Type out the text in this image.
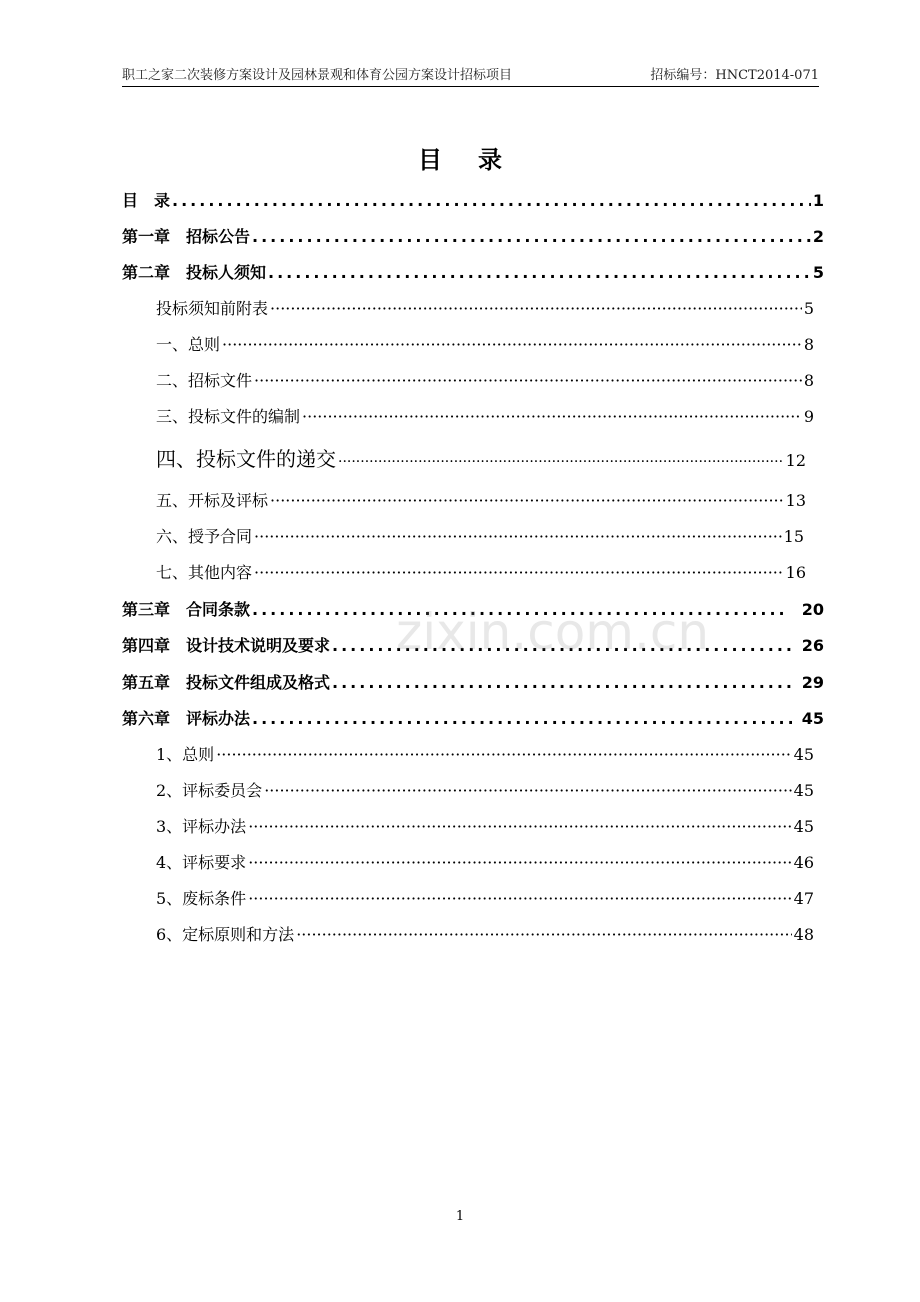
职工之家二次装修方案设计及园林景观和体育公园方案设计招标项目	招标编号：HNCT2014-071
目录
目　录 .....	1
第一章　招标公告 .....	2
第二章　投标人须知 .....	5
投标须知前附表 ·····	5
一、总则 ·····	8
二、招标文件 ·····	8
三、投标文件的编制 ·····	9
四、投标文件的递交 ·····	12
五、开标及评标 ·····	13
六、授予合同 ·····	15
七、其他内容 ·····	16
第三章　合同条款 .....	20
第四章　设计技术说明及要求 .....	26
第五章　投标文件组成及格式 .....	29
第六章　评标办法 .....	45
1、总则 ·····	45
2、评标委员会 ·····	45
3、评标办法 ·····	45
4、评标要求 ·····	46
5、废标条件 ·····	47
6、定标原则和方法 ·····	48
zixin.com.cn
1
